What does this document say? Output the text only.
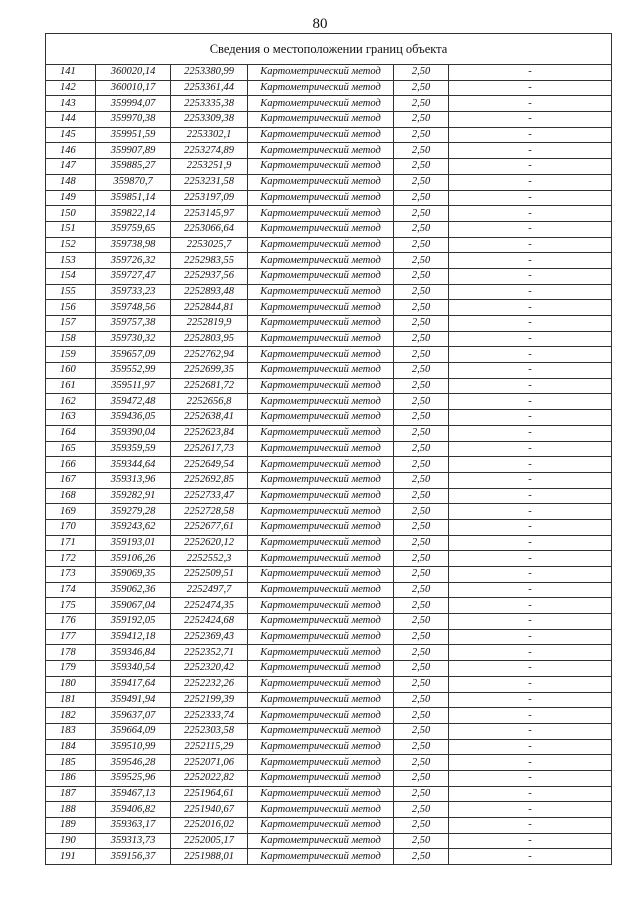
80
Сведения о местоположении границ объекта					
141	360020,14	2253380,99	Картометрический метод	2,50	-
142	360010,17	2253361,44	Картометрический метод	2,50	-
143	359994,07	2253335,38	Картометрический метод	2,50	-
144	359970,38	2253309,38	Картометрический метод	2,50	-
145	359951,59	2253302,1	Картометрический метод	2,50	-
146	359907,89	2253274,89	Картометрический метод	2,50	-
147	359885,27	2253251,9	Картометрический метод	2,50	-
148	359870,7	2253231,58	Картометрический метод	2,50	-
149	359851,14	2253197,09	Картометрический метод	2,50	-
150	359822,14	2253145,97	Картометрический метод	2,50	-
151	359759,65	2253066,64	Картометрический метод	2,50	-
152	359738,98	2253025,7	Картометрический метод	2,50	-
153	359726,32	2252983,55	Картометрический метод	2,50	-
154	359727,47	2252937,56	Картометрический метод	2,50	-
155	359733,23	2252893,48	Картометрический метод	2,50	-
156	359748,56	2252844,81	Картометрический метод	2,50	-
157	359757,38	2252819,9	Картометрический метод	2,50	-
158	359730,32	2252803,95	Картометрический метод	2,50	-
159	359657,09	2252762,94	Картометрический метод	2,50	-
160	359552,99	2252699,35	Картометрический метод	2,50	-
161	359511,97	2252681,72	Картометрический метод	2,50	-
162	359472,48	2252656,8	Картометрический метод	2,50	-
163	359436,05	2252638,41	Картометрический метод	2,50	-
164	359390,04	2252623,84	Картометрический метод	2,50	-
165	359359,59	2252617,73	Картометрический метод	2,50	-
166	359344,64	2252649,54	Картометрический метод	2,50	-
167	359313,96	2252692,85	Картометрический метод	2,50	-
168	359282,91	2252733,47	Картометрический метод	2,50	-
169	359279,28	2252728,58	Картометрический метод	2,50	-
170	359243,62	2252677,61	Картометрический метод	2,50	-
171	359193,01	2252620,12	Картометрический метод	2,50	-
172	359106,26	2252552,3	Картометрический метод	2,50	-
173	359069,35	2252509,51	Картометрический метод	2,50	-
174	359062,36	2252497,7	Картометрический метод	2,50	-
175	359067,04	2252474,35	Картометрический метод	2,50	-
176	359192,05	2252424,68	Картометрический метод	2,50	-
177	359412,18	2252369,43	Картометрический метод	2,50	-
178	359346,84	2252352,71	Картометрический метод	2,50	-
179	359340,54	2252320,42	Картометрический метод	2,50	-
180	359417,64	2252232,26	Картометрический метод	2,50	-
181	359491,94	2252199,39	Картометрический метод	2,50	-
182	359637,07	2252333,74	Картометрический метод	2,50	-
183	359664,09	2252303,58	Картометрический метод	2,50	-
184	359510,99	2252115,29	Картометрический метод	2,50	-
185	359546,28	2252071,06	Картометрический метод	2,50	-
186	359525,96	2252022,82	Картометрический метод	2,50	-
187	359467,13	2251964,61	Картометрический метод	2,50	-
188	359406,82	2251940,67	Картометрический метод	2,50	-
189	359363,17	2252016,02	Картометрический метод	2,50	-
190	359313,73	2252005,17	Картометрический метод	2,50	-
191	359156,37	2251988,01	Картометрический метод	2,50	-
